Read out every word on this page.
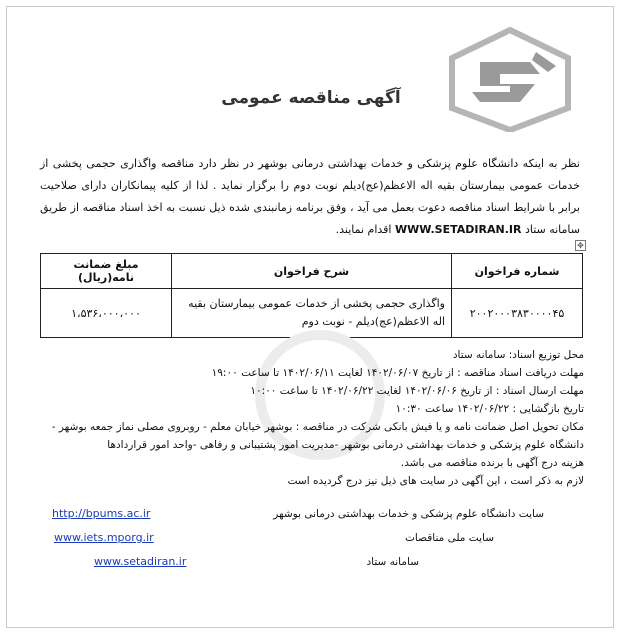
آگهی مناقصه عمومی
نظر به اینکه دانشگاه علوم پزشکی و خدمات بهداشتی درمانی بوشهر در نظر دارد مناقصه واگذاری حجمی پخشی از خدمات عمومی بیمارستان بقیه اله الاعظم(عج)دیلم نوبت دوم را برگزار نماید . لذا از کلیه پیمانکاران دارای صلاحیت برابر با شرایط اسناد مناقصه دعوت بعمل می آید ، وفق برنامه زمانبندی شده ذیل نسبت به اخذ اسناد مناقصه از طریق سامانه ستاد WWW.SETADIRAN.IR اقدام نمایند.
✥
شماره فراخوان	شرح فراخوان	مبلغ ضمانت نامه(ریال)
۲۰۰۲۰۰۰۳۸۳۰۰۰۰۴۵	واگذاری حجمی پخشی از خدمات عمومی بیمارستان بقیه اله الاعظم(عج)دیلم - نوبت دوم	۱،۵۳۶،۰۰۰،۰۰۰

محل توزیع اسناد: سامانه ستاد

مهلت دریافت اسناد مناقصه : از تاریخ ۱۴۰۲/۰۶/۰۷ لغایت ۱۴۰۲/۰۶/۱۱ تا ساعت ۱۹:۰۰

مهلت ارسال اسناد : از تاریخ ۱۴۰۲/۰۶/۰۶ لغایت ۱۴۰۲/۰۶/۲۲ تا ساعت ۱۰:۰۰

تاریخ بازگشایی : ۱۴۰۲/۰۶/۲۲ ساعت ۱۰:۳۰

مکان تحویل اصل ضمانت نامه و یا فیش بانکی شرکت در مناقصه : بوشهر خیابان معلم - روبروی مصلی نماز جمعه بوشهر - دانشگاه علوم پزشکی و خدمات بهداشتی درمانی بوشهر -مدیریت امور پشتیبانی و رفاهی -واحد امور قراردادها

هزینه درج آگهی با برنده مناقصه می باشد.

لازم به ذکر است ، این آگهی در سایت های ذیل نیز درج گردیده است

سایت دانشگاه علوم پزشکی و خدمات بهداشتی درمانی بوشهر
http://bpums.ac.ir
سایت ملی مناقصات
www.iets.mporg.ir
سامانه ستاد
www.setadiran.ir
